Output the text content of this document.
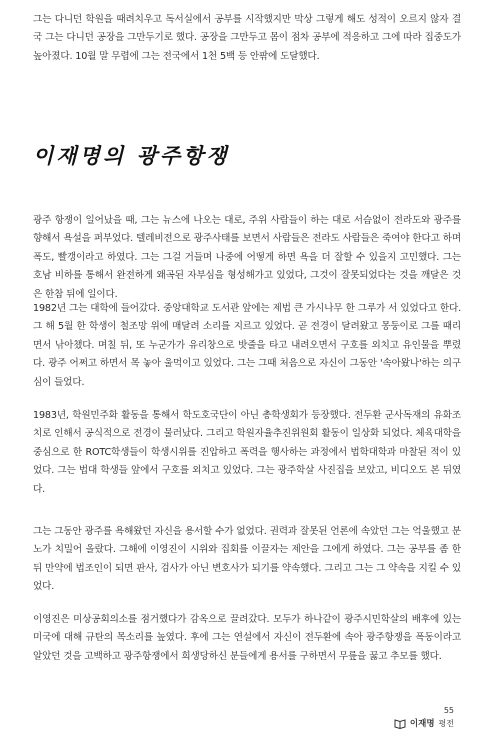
그는 다니던 학원을 때려치우고 독서실에서 공부를 시작했지만 막상 그렇게 해도 성적이 오르지 않자 결국 그는 다니던 공장을 그만두기로 했다. 공장을 그만두고 몸이 점차 공부에 적응하고 그에 따라 집중도가 높아졌다. 10월 말 무렵에 그는 전국에서 1천 5백 등 안팎에 도달했다.

이재명의 광주항쟁

광주 항쟁이 일어났을 때, 그는 뉴스에 나오는 대로, 주위 사람들이 하는 대로 서슴없이 전라도와 광주를 향해서 욕설을 퍼부었다. 텔레비전으로 광주사태를 보면서 사람들은 전라도 사람들은 죽여야 한다고 하며 폭도, 빨갱이라고 하였다. 그는 그걸 거들며 나중에 어떻게 하면 욕을 더 잘할 수 있을지 고민했다. 그는 호남 비하를 통해서 완전하게 왜곡된 자부심을 형성해가고 있었다, 그것이 잘못되었다는 것을 깨달은 것은 한참 뒤에 일이다.

1982년 그는 대학에 들어갔다. 중앙대학교 도서관 앞에는 제법 큰 가시나무 한 그루가 서 있었다고 한다. 그 해 5월 한 학생이 철조망 위에 매달려 소리를 지르고 있었다. 곧 전경이 달려왔고 몽둥이로 그를 때리면서 낚아챘다. 며칠 뒤, 또 누군가가 유리창으로 밧줄을 타고 내려오면서 구호를 외치고 유인물을 뿌렸다. 광주 어쩌고 하면서 목 놓아 울먹이고 있었다. 그는 그때 처음으로 자신이 그동안 '속아왔나'하는 의구심이 들었다.

1983년, 학원민주화 활동을 통해서 학도호국단이 아닌 총학생회가 등장했다. 전두환 군사독재의 유화조치로 인해서 공식적으로 전경이 물러났다. 그리고 학원자율추진위원회 활동이 일상화 되었다. 체육대학을 중심으로 한 ROTC학생들이 학생시위를 진압하고 폭력을 행사하는 과정에서 법학대학과 마찰된 적이 있었다. 그는 법대 학생들 앞에서 구호를 외치고 있었다. 그는 광주학살 사진집을 보았고, 비디오도 본 뒤였다.

그는 그동안 광주를 욕해왔던 자신을 용서할 수가 없었다. 권력과 잘못된 언론에 속았던 그는 억울했고 분노가 치밀어 올랐다. 그해에 이영진이 시위와 집회를 이끌자는 제안을 그에게 하였다. 그는 공부를 좀 한 뒤 만약에 법조인이 되면 판사, 검사가 아닌 변호사가 되기를 약속했다. 그리고 그는 그 약속을 지킬 수 있었다.

이영진은 미상공회의소를 점거했다가 감옥으로 끌려갔다. 모두가 하나같이 광주시민학살의 배후에 있는 미국에 대해 규탄의 목소리를 높였다. 후에 그는 연설에서 자신이 전두환에 속아 광주항쟁을 폭동이라고 알았던 것을 고백하고 광주항쟁에서 희생당하신 분들에게 용서를 구하면서 무릎을 꿇고 추모를 했다.

55
이재명 평전
